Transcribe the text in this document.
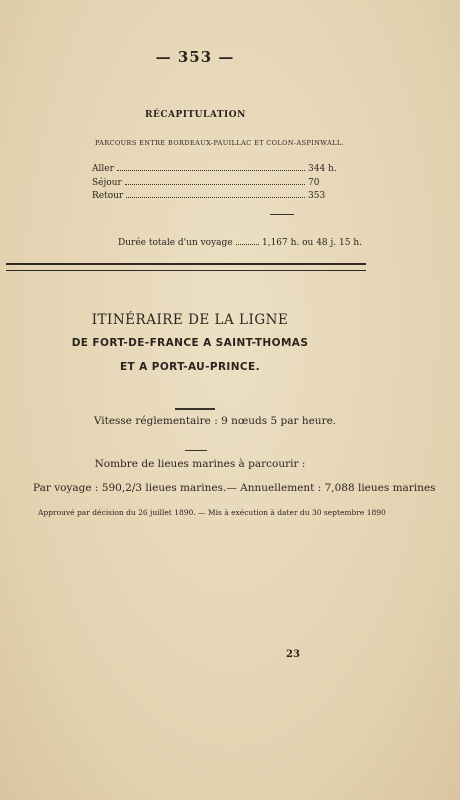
— 353 —
RÉCAPITULATION
PARCOURS ENTRE BORDEAUX-PAUILLAC ET COLON-ASPINWALL.
Aller	344 h.
Séjour	70
Retour	353
Durée totale d'un voyage	1,167 h. ou 48 j. 15 h.
ITINÉRAIRE DE LA LIGNE
DE FORT-DE-FRANCE A SAINT-THOMAS
ET A PORT-AU-PRINCE.
Vitesse réglementaire : 9 nœuds 5 par heure.
Nombre de lieues marines à parcourir :
Par voyage : 590,2/3 lieues marines.— Annuellement : 7,088 lieues marines
Approuvé par décision du 26 juillet 1890. — Mis à exécution à dater du 30 septembre 1890
23
